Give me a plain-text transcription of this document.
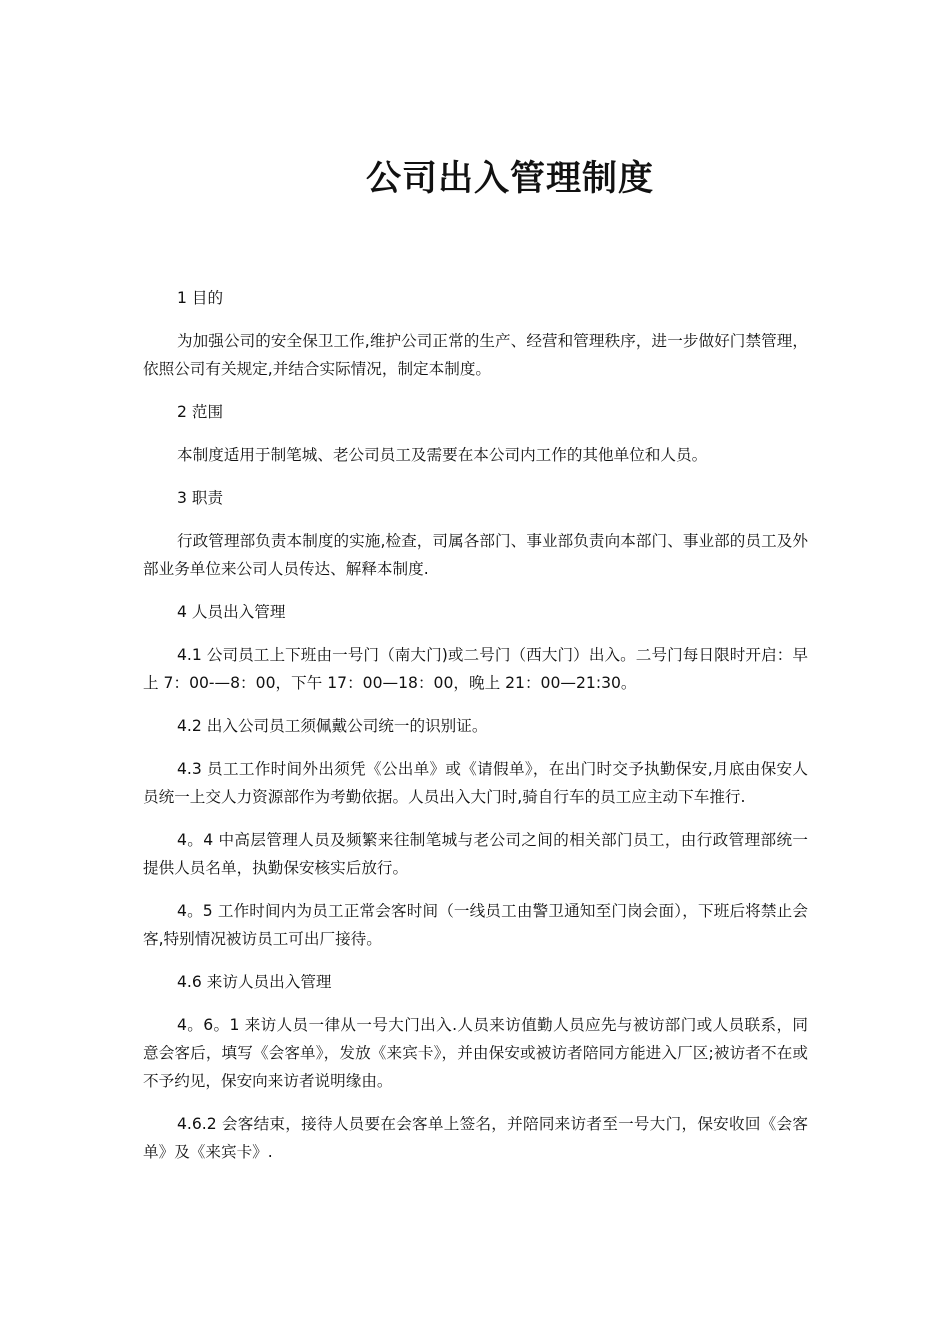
公司出入管理制度

1 目的

为加强公司的安全保卫工作,维护公司正常的生产、经营和管理秩序，进一步做好门禁管理，依照公司有关规定,并结合实际情况，制定本制度。

2 范围

本制度适用于制笔城、老公司员工及需要在本公司内工作的其他单位和人员。

3 职责

行政管理部负责本制度的实施,检查，司属各部门、事业部负责向本部门、事业部的员工及外部业务单位来公司人员传达、解释本制度.

4 人员出入管理

4.1 公司员工上下班由一号门（南大门)或二号门（西大门）出入。二号门每日限时开启：早上 7：00-—8：00，下午 17：00—18：00，晚上 21：00—21:30。

4.2 出入公司员工须佩戴公司统一的识别证。

4.3 员工工作时间外出须凭《公出单》或《请假单》，在出门时交予执勤保安,月底由保安人员统一上交人力资源部作为考勤依据。人员出入大门时,骑自行车的员工应主动下车推行.

4。4 中高层管理人员及频繁来往制笔城与老公司之间的相关部门员工，由行政管理部统一提供人员名单，执勤保安核实后放行。

4。5 工作时间内为员工正常会客时间（一线员工由警卫通知至门岗会面），下班后将禁止会客,特别情况被访员工可出厂接待。

4.6 来访人员出入管理

4。6。1 来访人员一律从一号大门出入.人员来访值勤人员应先与被访部门或人员联系，同意会客后，填写《会客单》，发放《来宾卡》，并由保安或被访者陪同方能进入厂区;被访者不在或不予约见，保安向来访者说明缘由。

4.6.2 会客结束，接待人员要在会客单上签名，并陪同来访者至一号大门，保安收回《会客单》及《来宾卡》.
